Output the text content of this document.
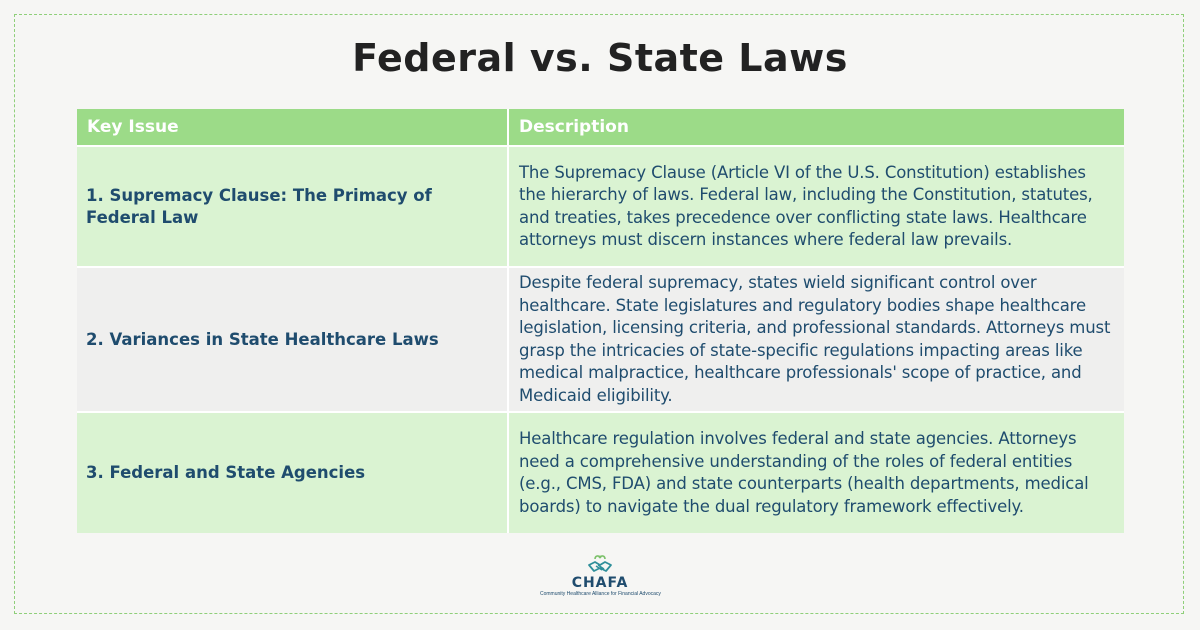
Federal vs. State Laws
Key Issue	Description
1. Supremacy Clause: The Primacy of Federal Law	The Supremacy Clause (Article VI of the U.S. Constitution) establishes the hierarchy of laws. Federal law, including the Constitution, statutes, and treaties, takes precedence over conflicting state laws. Healthcare attorneys must discern instances where federal law prevails.
2. Variances in State Healthcare Laws	Despite federal supremacy, states wield significant control over healthcare. State legislatures and regulatory bodies shape healthcare legislation, licensing criteria, and professional standards. Attorneys must grasp the intricacies of state-specific regulations impacting areas like medical malpractice, healthcare professionals' scope of practice, and Medicaid eligibility.
3. Federal and State Agencies	Healthcare regulation involves federal and state agencies. Attorneys need a comprehensive understanding of the roles of federal entities (e.g., CMS, FDA) and state counterparts (health departments, medical boards) to navigate the dual regulatory framework effectively.
CHAFA
Community Healthcare Alliance for Financial Advocacy
